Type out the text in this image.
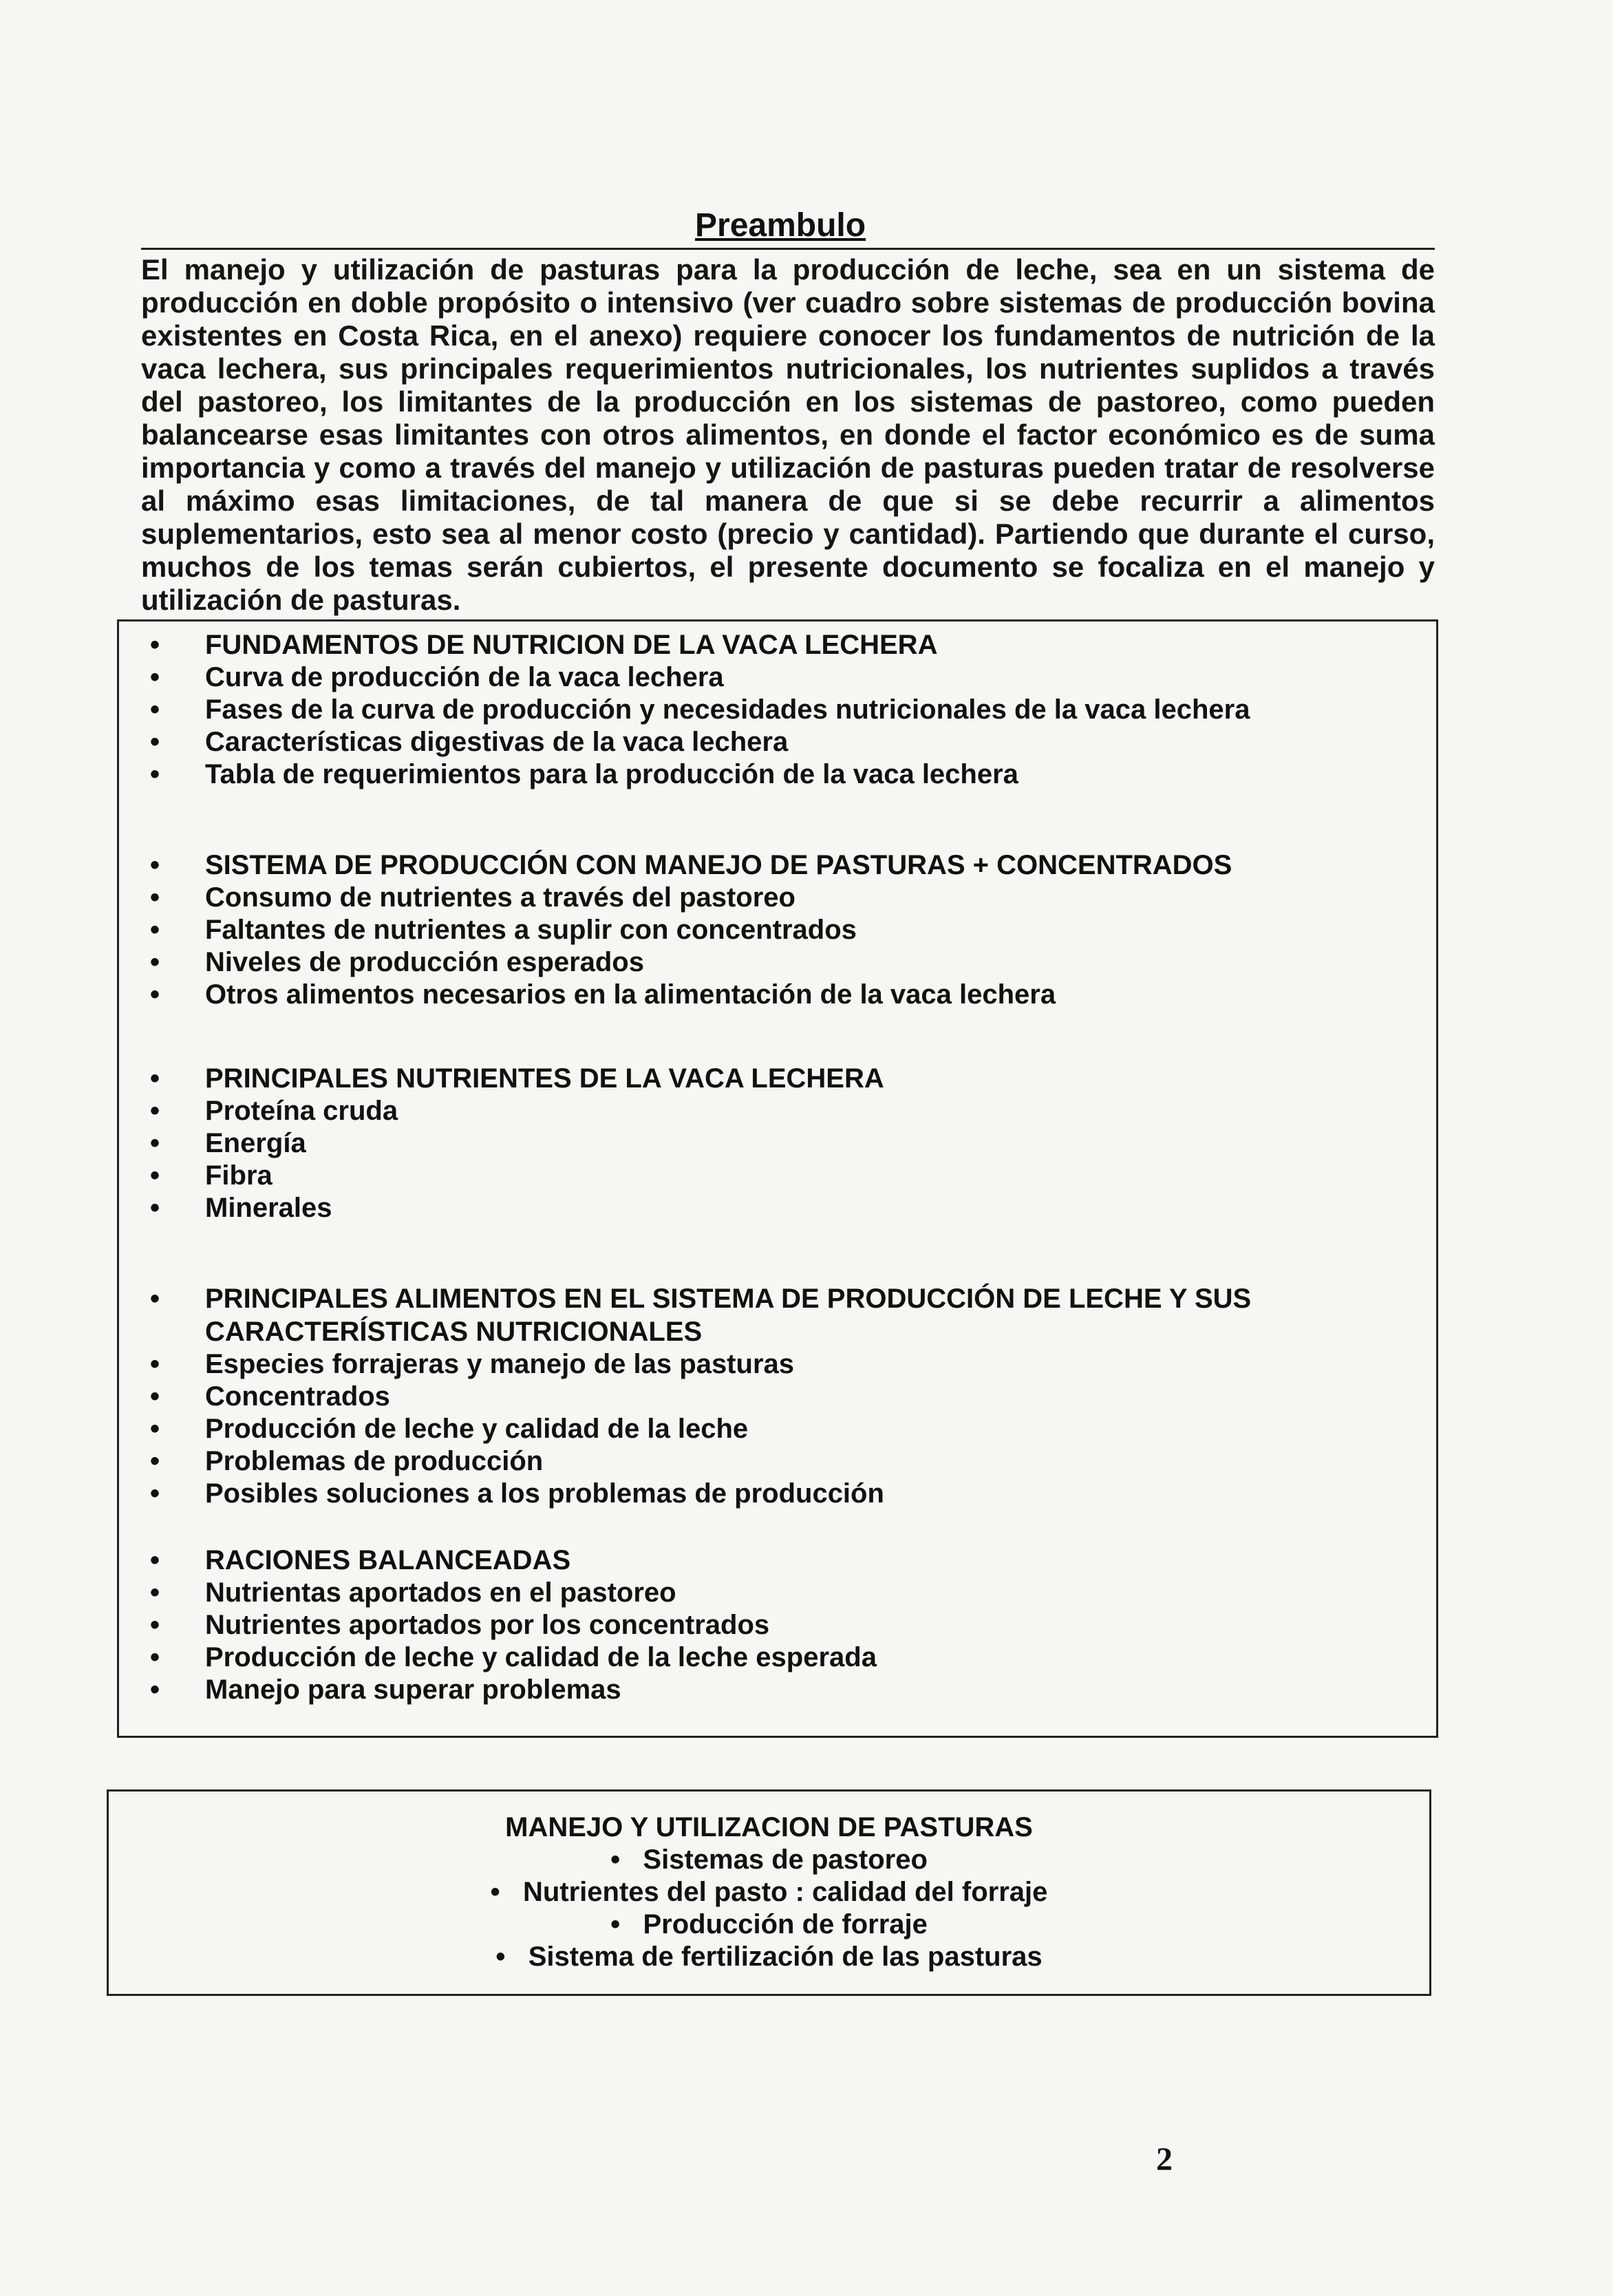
Preambulo
El manejo y utilización de pasturas para la producción de leche, sea en un sistema de producción en doble propósito o intensivo (ver cuadro sobre sistemas de producción bovina existentes en Costa Rica, en el anexo) requiere conocer los fundamentos de nutrición de la vaca lechera, sus principales requerimientos nutricionales, los nutrientes suplidos a través del pastoreo, los limitantes de la producción en los sistemas de pastoreo, como pueden balancearse esas limitantes con otros alimentos, en donde el factor económico es de suma importancia y como a través del manejo y utilización de pasturas pueden tratar de resolverse al máximo esas limitaciones, de tal manera de que si se debe recurrir a alimentos suplementarios, esto sea al menor costo (precio y cantidad). Partiendo que durante el curso, muchos de los temas serán cubiertos, el presente documento se focaliza en el manejo y utilización de pasturas.
• FUNDAMENTOS DE NUTRICION DE LA VACA LECHERA
• Curva de producción de la vaca lechera
• Fases de la curva de producción y necesidades nutricionales de la vaca lechera
• Características digestivas de la vaca lechera
• Tabla de requerimientos para la producción de la vaca lechera
• SISTEMA DE PRODUCCIÓN CON MANEJO DE PASTURAS + CONCENTRADOS
• Consumo de nutrientes a través del pastoreo
• Faltantes de nutrientes a suplir con concentrados
• Niveles de producción esperados
• Otros alimentos necesarios en la alimentación de la vaca lechera
• PRINCIPALES NUTRIENTES DE LA VACA LECHERA
• Proteína cruda
• Energía
• Fibra
• Minerales
• PRINCIPALES ALIMENTOS EN EL SISTEMA DE PRODUCCIÓN DE LECHE Y SUS CARACTERÍSTICAS NUTRICIONALES
• Especies forrajeras y manejo de las pasturas
• Concentrados
• Producción de leche y calidad de la leche
• Problemas de producción
• Posibles soluciones a los problemas de producción
• RACIONES BALANCEADAS
• Nutrientas aportados en el pastoreo
• Nutrientes aportados por los concentrados
• Producción de leche y calidad de la leche esperada
• Manejo para superar problemas
MANEJO Y UTILIZACION DE PASTURAS
•   Sistemas de pastoreo
•   Nutrientes del pasto : calidad del forraje
•   Producción de forraje
•   Sistema de fertilización de las pasturas
2
